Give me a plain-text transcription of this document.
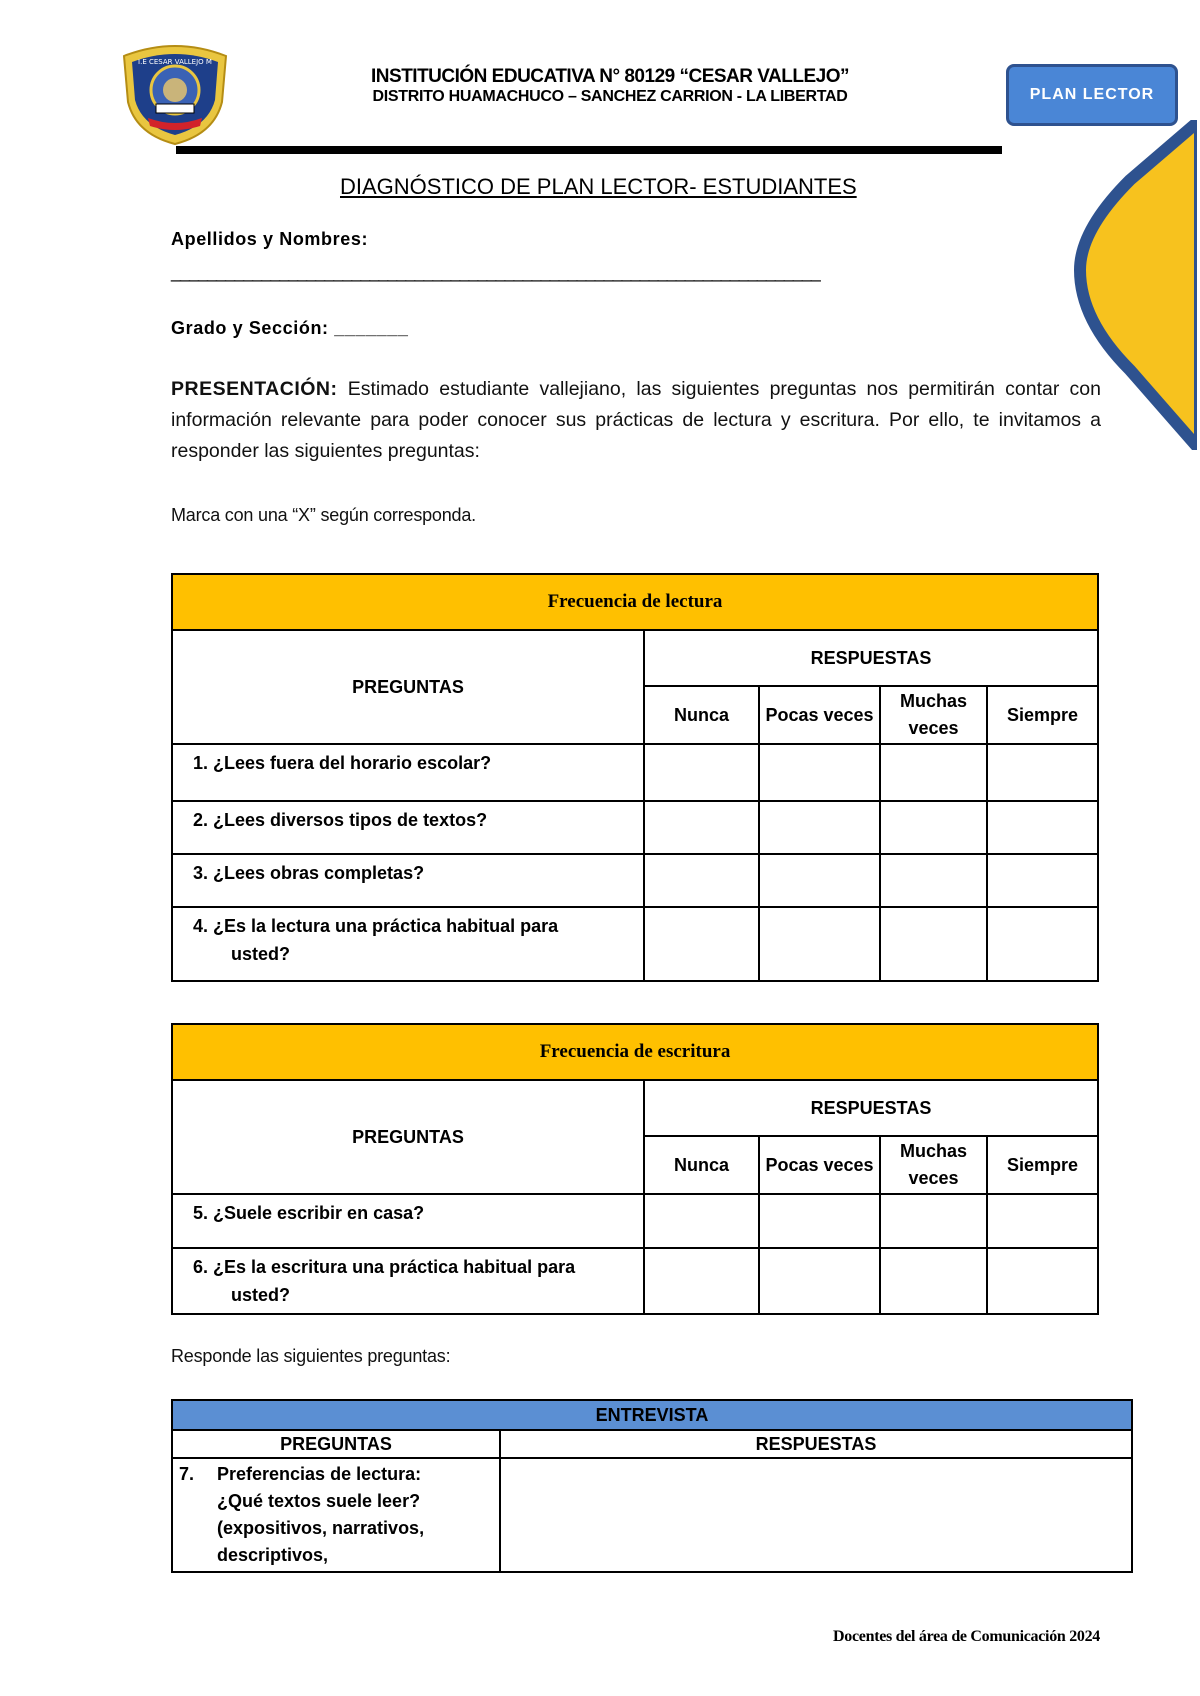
I.E CESAR VALLEJO M
INSTITUCIÓN EDUCATIVA N° 80129 “CESAR VALLEJO”
DISTRITO HUAMACHUCO – SANCHEZ CARRION - LA LIBERTAD	PLAN LECTOR
DIAGNÓSTICO DE PLAN LECTOR- ESTUDIANTES
Apellidos y Nombres:
________________________________________________________________________
Grado y Sección: _______
PRESENTACIÓN: Estimado estudiante vallejiano, las siguientes preguntas nos permitirán contar con información relevante para poder conocer sus prácticas de lectura y escritura. Por ello, te invitamos a responder las siguientes preguntas:
Marca con una “X” según corresponda.
Frecuencia de lectura				
PREGUNTAS	RESPUESTAS			
	Nunca	Pocas veces	Muchas veces	Siempre
1. ¿Lees fuera del horario escolar?				
2. ¿Lees diversos tipos de textos?				
3. ¿Lees obras completas?				
4. ¿Es la lectura una práctica habitual para
usted?				

Frecuencia de escritura				
PREGUNTAS	RESPUESTAS			
	Nunca	Pocas veces	Muchas veces	Siempre
5. ¿Suele escribir en casa?				
6. ¿Es la escritura una práctica habitual para
usted?				

Responde las siguientes preguntas:
ENTREVISTA	
PREGUNTAS	RESPUESTAS

7. Preferencias de lectura:
¿Qué textos suele leer?
(expositivos, narrativos,
descriptivos,	

Docentes del área de Comunicación 2024
